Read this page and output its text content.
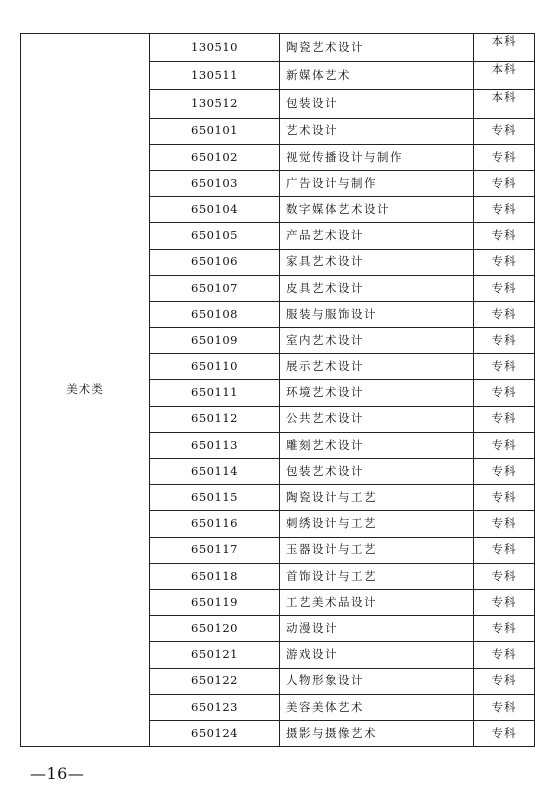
美术类	130510	陶瓷艺术设计	本科
	130511	新媒体艺术	本科
	130512	包装设计	本科
	650101	艺术设计	专科
	650102	视觉传播设计与制作	专科
	650103	广告设计与制作	专科
	650104	数字媒体艺术设计	专科
	650105	产品艺术设计	专科
	650106	家具艺术设计	专科
	650107	皮具艺术设计	专科
	650108	服装与服饰设计	专科
	650109	室内艺术设计	专科
	650110	展示艺术设计	专科
	650111	环境艺术设计	专科
	650112	公共艺术设计	专科
	650113	雕刻艺术设计	专科
	650114	包装艺术设计	专科
	650115	陶瓷设计与工艺	专科
	650116	刺绣设计与工艺	专科
	650117	玉器设计与工艺	专科
	650118	首饰设计与工艺	专科
	650119	工艺美术品设计	专科
	650120	动漫设计	专科
	650121	游戏设计	专科
	650122	人物形象设计	专科
	650123	美容美体艺术	专科
	650124	摄影与摄像艺术	专科
—16—
